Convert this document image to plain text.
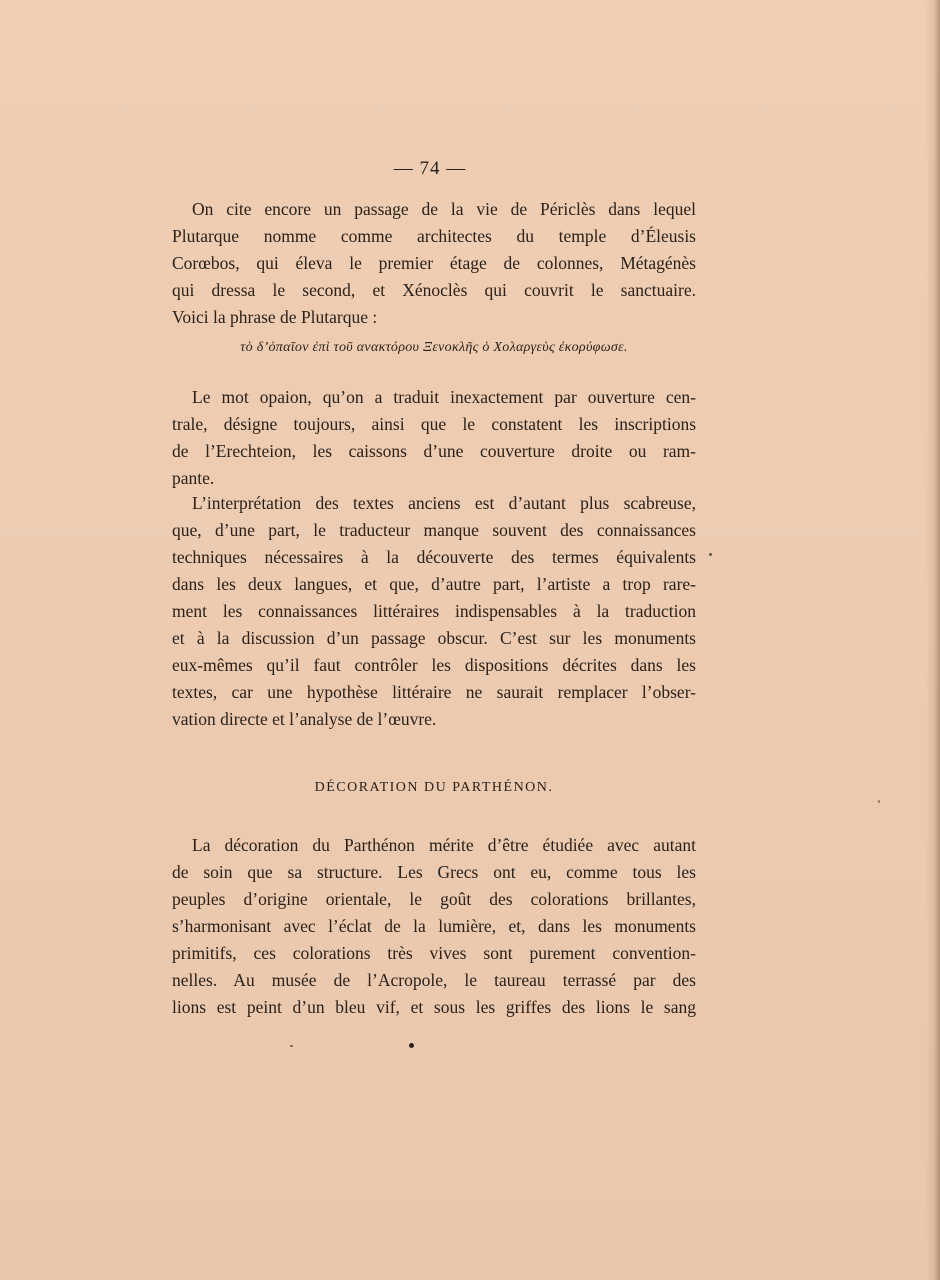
— 74 —

On cite encore un passage de la vie de Périclès dans lequel
Plutarque nomme comme architectes du temple d’Éleusis
Corœbos, qui éleva le premier étage de colonnes, Métagénès
qui dressa le second, et Xénoclès qui couvrit le sanctuaire.
Voici la phrase de Plutarque :

τὸ δ’ὀπαῖον ἐπὶ τοῦ ανακτόρου Ξενοκλῆς ὁ Χολαργεὺς ἐκορύφωσε.

Le mot opaion, qu’on a traduit inexactement par ouverture cen-
trale, désigne toujours, ainsi que le constatent les inscriptions
de l’Erechteion, les caissons d’une couverture droite ou ram-
pante.

L’interprétation des textes anciens est d’autant plus scabreuse,
que, d’une part, le traducteur manque souvent des connaissances
techniques nécessaires à la découverte des termes équivalents
dans les deux langues, et que, d’autre part, l’artiste a trop rare-
ment les connaissances littéraires indispensables à la traduction
et à la discussion d’un passage obscur. C’est sur les monuments
eux-mêmes qu’il faut contrôler les dispositions décrites dans les
textes, car une hypothèse littéraire ne saurait remplacer l’obser-
vation directe et l’analyse de l’œuvre.

DÉCORATION DU PARTHÉNON.

La décoration du Parthénon mérite d’être étudiée avec autant
de soin que sa structure. Les Grecs ont eu, comme tous les
peuples d’origine orientale, le goût des colorations brillantes,
s’harmonisant avec l’éclat de la lumière, et, dans les monuments
primitifs, ces colorations très vives sont purement convention-
nelles. Au musée de l’Acropole, le taureau terrassé par des
lions est peint d’un bleu vif, et sous les griffes des lions le sang
